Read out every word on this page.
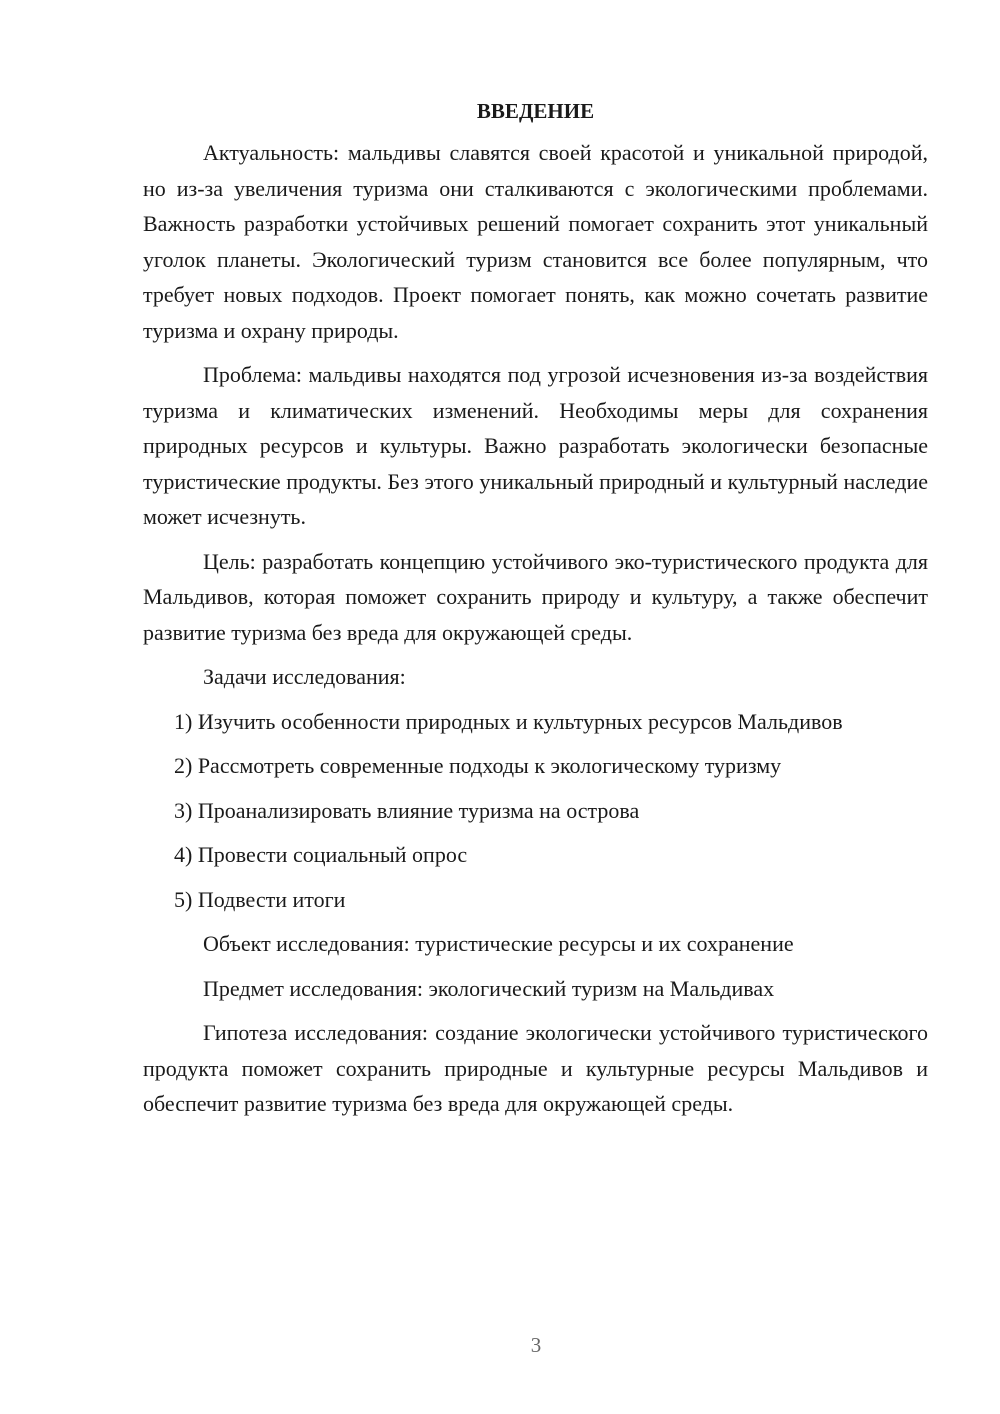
ВВЕДЕНИЕ

Актуальность: мальдивы славятся своей красотой и уникальной природой, но из-за увеличения туризма они сталкиваются с экологическими проблемами. Важность разработки устойчивых решений помогает сохранить этот уникальный уголок планеты. Экологический туризм становится все более популярным, что требует новых подходов. Проект помогает понять, как можно сочетать развитие туризма и охрану природы.

Проблема: мальдивы находятся под угрозой исчезновения из-за воздействия туризма и климатических изменений. Необходимы меры для сохранения природных ресурсов и культуры. Важно разработать экологически безопасные туристические продукты. Без этого уникальный природный и культурный наследие может исчезнуть.

Цель: разработать концепцию устойчивого эко-туристического продукта для Мальдивов, которая поможет сохранить природу и культуру, а также обеспечит развитие туризма без вреда для окружающей среды.

Задачи исследования:

1) Изучить особенности природных и культурных ресурсов Мальдивов

2) Рассмотреть современные подходы к экологическому туризму

3) Проанализировать влияние туризма на острова

4) Провести социальный опрос

5) Подвести итоги

Объект исследования: туристические ресурсы и их сохранение

Предмет исследования: экологический туризм на Мальдивах

Гипотеза исследования: создание экологически устойчивого туристического продукта поможет сохранить природные и культурные ресурсы Мальдивов и обеспечит развитие туризма без вреда для окружающей среды.

3
